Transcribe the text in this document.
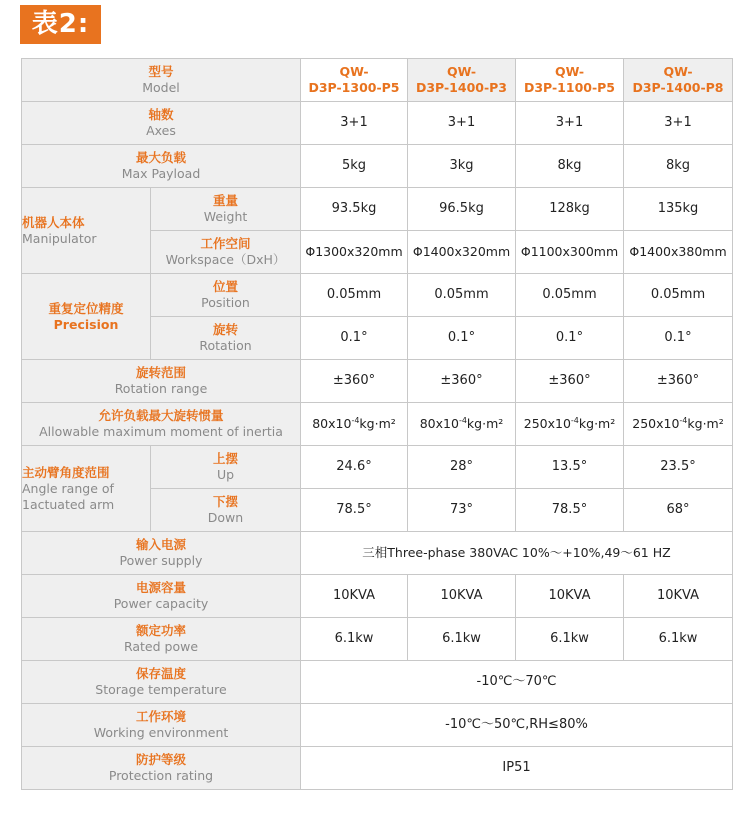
表2:
型号
Model		QW-
D3P-1300-P5	QW-
D3P-1400-P3	QW-
D3P-1100-P5	QW-
D3P-1400-P8

轴数
Axes		3+1	3+1	3+1	3+1

最大负载
Max Payload		5kg	3kg	8kg	8kg

机器人本体
Manipulator	重量
Weight	93.5kg	96.5kg	128kg	135kg

	工作空间
Workspace（DxH）	Φ1300x320mm	Φ1400x320mm	Φ1100x300mm	Φ1400x380mm

重复定位精度
Precision	位置
Position	0.05mm	0.05mm	0.05mm	0.05mm

	旋转
Rotation	0.1°	0.1°	0.1°	0.1°

旋转范围
Rotation range		±360°	±360°	±360°	±360°

允许负载最大旋转惯量
Allowable maximum moment of inertia		$80x10^{-4}kg\cdot m^2$	$80x10^{-4}kg\cdot m^2$	$250x10^{-4}kg\cdot m^2$	$250x10^{-4}kg\cdot m^2$

主动臂角度范围
Angle range of 1actuated arm	上摆
Up	24.6°	28°	13.5°	23.5°

	下摆
Down	78.5°	73°	78.5°	68°

输入电源
Power supply		三相Three-phase 380VAC 10%～+10%,49～61 HZ			

电源容量
Power capacity		10KVA	10KVA	10KVA	10KVA

额定功率
Rated powe		6.1kw	6.1kw	6.1kw	6.1kw

保存温度
Storage temperature		-10℃～70℃			

工作环境
Working environment		-10℃～50℃,RH≤80%			

防护等级
Protection rating		IP51			
